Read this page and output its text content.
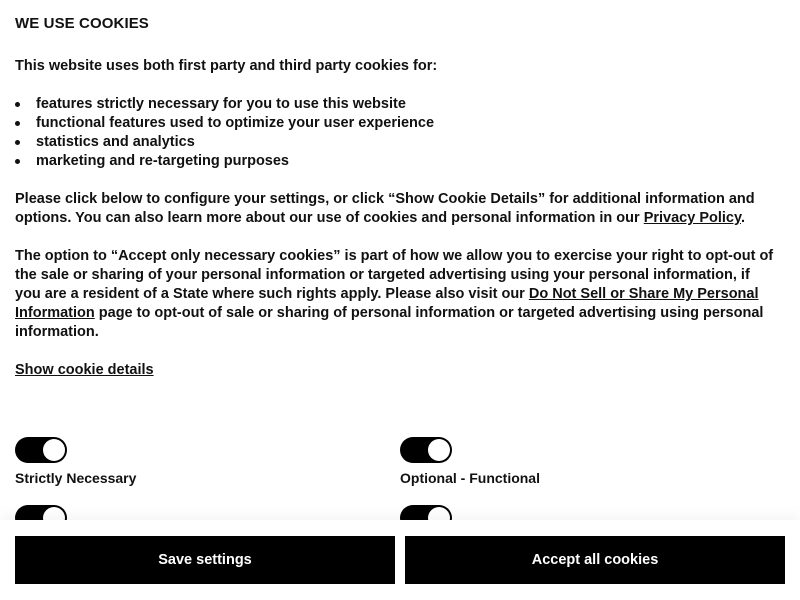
WE USE COOKIES

This website uses both first party and third party cookies for:

features strictly necessary for you to use this website
functional features used to optimize your user experience
statistics and analytics
marketing and re-targeting purposes

Please click below to configure your settings, or click “Show Cookie Details” for additional information and options. You can also learn more about our use of cookies and personal information in our Privacy Policy.

The option to “Accept only necessary cookies” is part of how we allow you to exercise your right to opt-out of the sale or sharing of your personal information or targeted advertising using your personal information, if you are a resident of a State where such rights apply. Please also visit our Do Not Sell or Share My Personal Information page to opt-out of sale or sharing of personal information or targeted advertising using personal information.

Show cookie details
Strictly Necessary	Optional - Functional
Save settings	Accept all cookies
